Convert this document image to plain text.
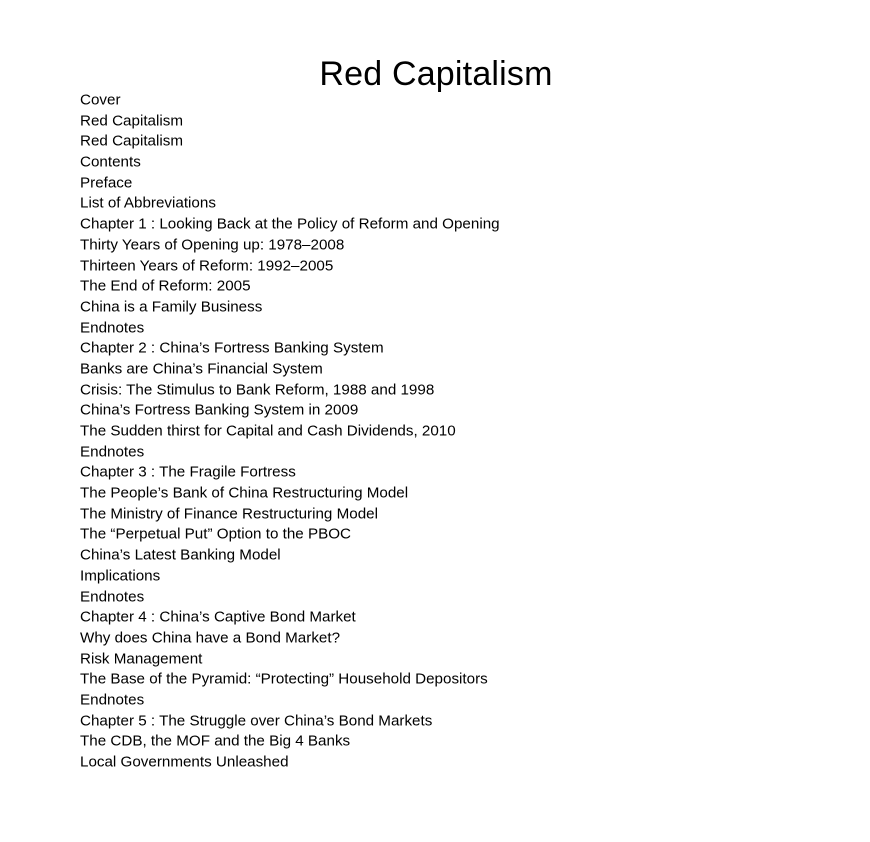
Red Capitalism
Cover
Red Capitalism
Red Capitalism
Contents
Preface
List of Abbreviations
Chapter 1 : Looking Back at the Policy of Reform and Opening
Thirty Years of Opening up: 1978–2008
Thirteen Years of Reform: 1992–2005
The End of Reform: 2005
China is a Family Business
Endnotes
Chapter 2 : China’s Fortress Banking System
Banks are China’s Financial System
Crisis: The Stimulus to Bank Reform, 1988 and 1998
China’s Fortress Banking System in 2009
The Sudden thirst for Capital and Cash Dividends, 2010
Endnotes
Chapter 3 : The Fragile Fortress
The People’s Bank of China Restructuring Model
The Ministry of Finance Restructuring Model
The “Perpetual Put” Option to the PBOC
China’s Latest Banking Model
Implications
Endnotes
Chapter 4 : China’s Captive Bond Market
Why does China have a Bond Market?
Risk Management
The Base of the Pyramid: “Protecting” Household Depositors
Endnotes
Chapter 5 : The Struggle over China’s Bond Markets
The CDB, the MOF and the Big 4 Banks
Local Governments Unleashed
